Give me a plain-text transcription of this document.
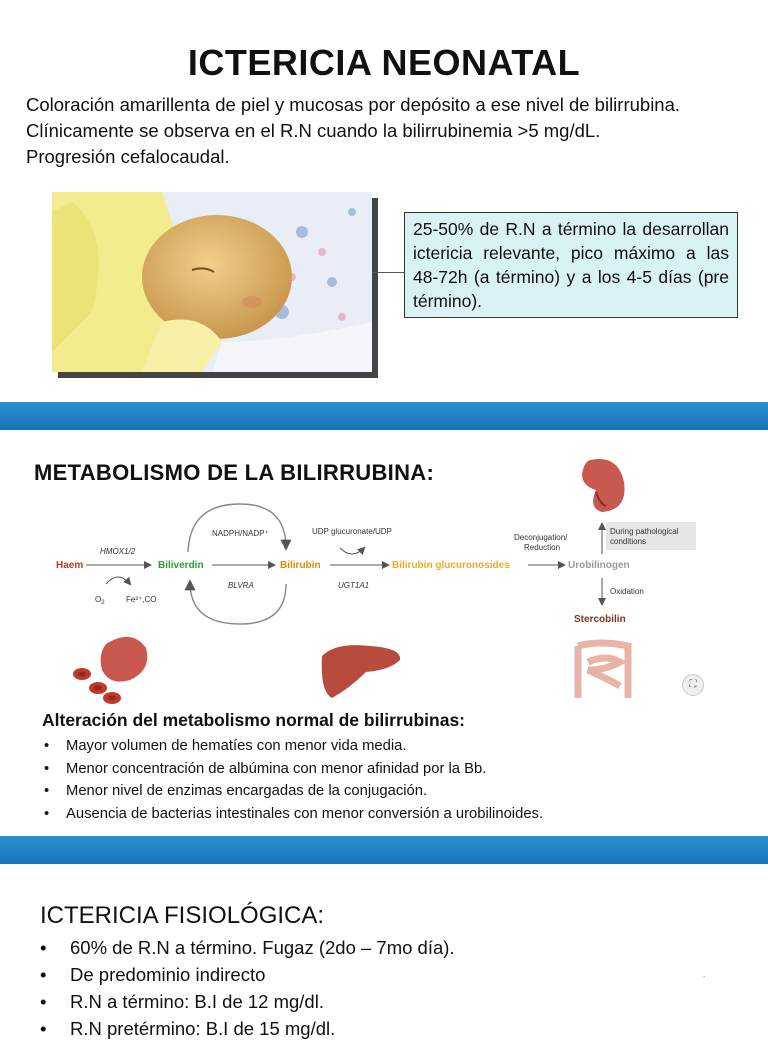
ICTERICIA NEONATAL
Coloración amarillenta de piel y mucosas por depósito a ese nivel de bilirrubina.
Clínicamente se observa en el R.N cuando la bilirrubinemia >5 mg/dL.
Progresión cefalocaudal.
25-50% de R.N a término la desarrollan ictericia relevante, pico máximo a las 48-72h (a término) y a los 4-5 días (pre término).
METABOLISMO DE LA BILIRRUBINA:
Haem
HMOX1/2
$O_2$	Fe²⁺,CO
Biliverdin
NADPH/NADP⁺
BLVRA
Bilirubin
UDP glucuronate/UDP
UGT1A1
Bilirubin glucuronosides
Deconjugation/
Reduction
Urobilinogen
During pathological
conditions
Oxidation
Stercobilin
⛶
Alteración del metabolismo normal de bilirrubinas:
• Mayor volumen de hematíes con menor vida media.
• Menor concentración de albúmina con menor afinidad por la Bb.
• Menor nivel de enzimas encargadas de la conjugación.
• Ausencia de bacterias intestinales con menor conversión a urobilinoides.
ICTERICIA FISIOLÓGICA:
• 60% de R.N a término. Fugaz (2do – 7mo día).
• De predominio indirecto
• R.N a término: B.I de 12 mg/dl.
• R.N pretérmino: B.I de 15 mg/dl.
.
